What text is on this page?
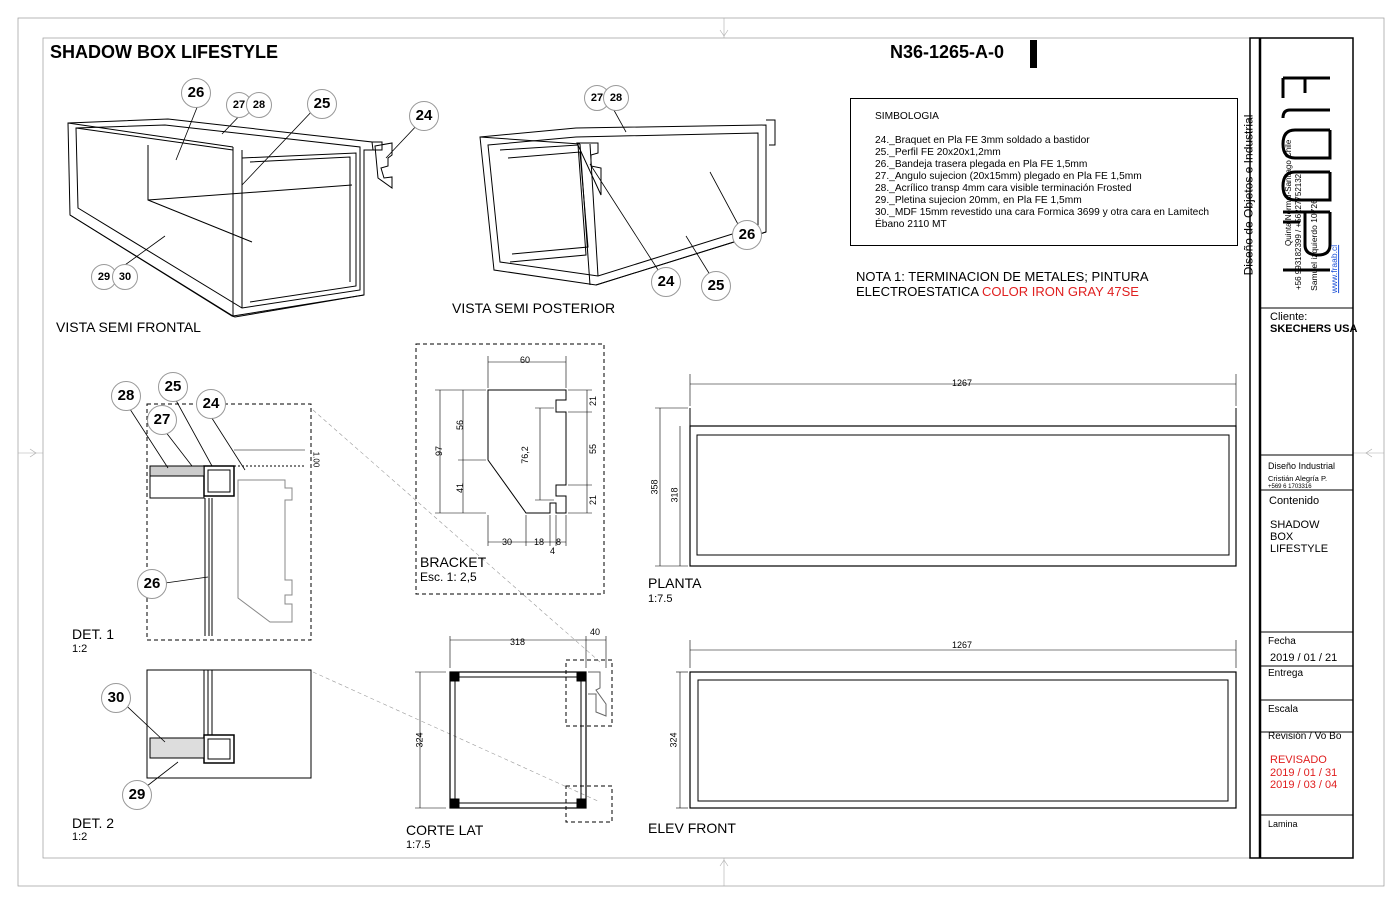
SHADOW BOX LIFESTYLE	N36-1265-A-0
VISTA SEMI FRONTAL
VISTA SEMI POSTERIOR
BRACKET
Esc. 1: 2,5
DET. 1
1:2
DET. 2
1:2
PLANTA
1:7.5
CORTE LAT
1:7.5
ELEV FRONT
SIMBOLOGIA
24._Braquet en Pla FE 3mm soldado a bastidor
25._Perfil FE 20x20x1,2mm
26._Bandeja trasera plegada en Pla FE 1,5mm
27._Angulo sujecion (20x15mm) plegado en Pla FE 1,5mm
28._Acrílico transp 4mm cara visible terminación Frosted
29._Pletina sujecion 20mm, en Pla FE 1,5mm
30._MDF 15mm revestido una cara Formica 3699 y otra cara en Lamitech
Ébano 2110 MT
NOTA 1: TERMINACION DE METALES; PINTURA
ELECTROESTATICA COLOR IRON GRAY 47SE
26
27 28	25
24
29 30
27 28
26
24	25
28
25
27
24
26
30
29
1267
1267
358
318
324
318
40
324
60
97
56
41
76,2
21
55
21
30 18 8
4
1.00
Diseño de Objetos e Industrial	Samuel izquierdo 10726 www.fraab.cl
Cliente:
SKECHERS USA
Diseño Industrial
Cristián Alegría P.
+569 6 1703316
Contenido
SHADOW
BOX
LIFESTYLE
Fecha
2019 / 01 / 21
Entrega
Escala
Revisión / Vo Bo
REVISADO
2019 / 01 / 31
2019 / 03 / 04
Lamina
Quinta Normal-Santiago Chile +56 993182399 / +56227752132
